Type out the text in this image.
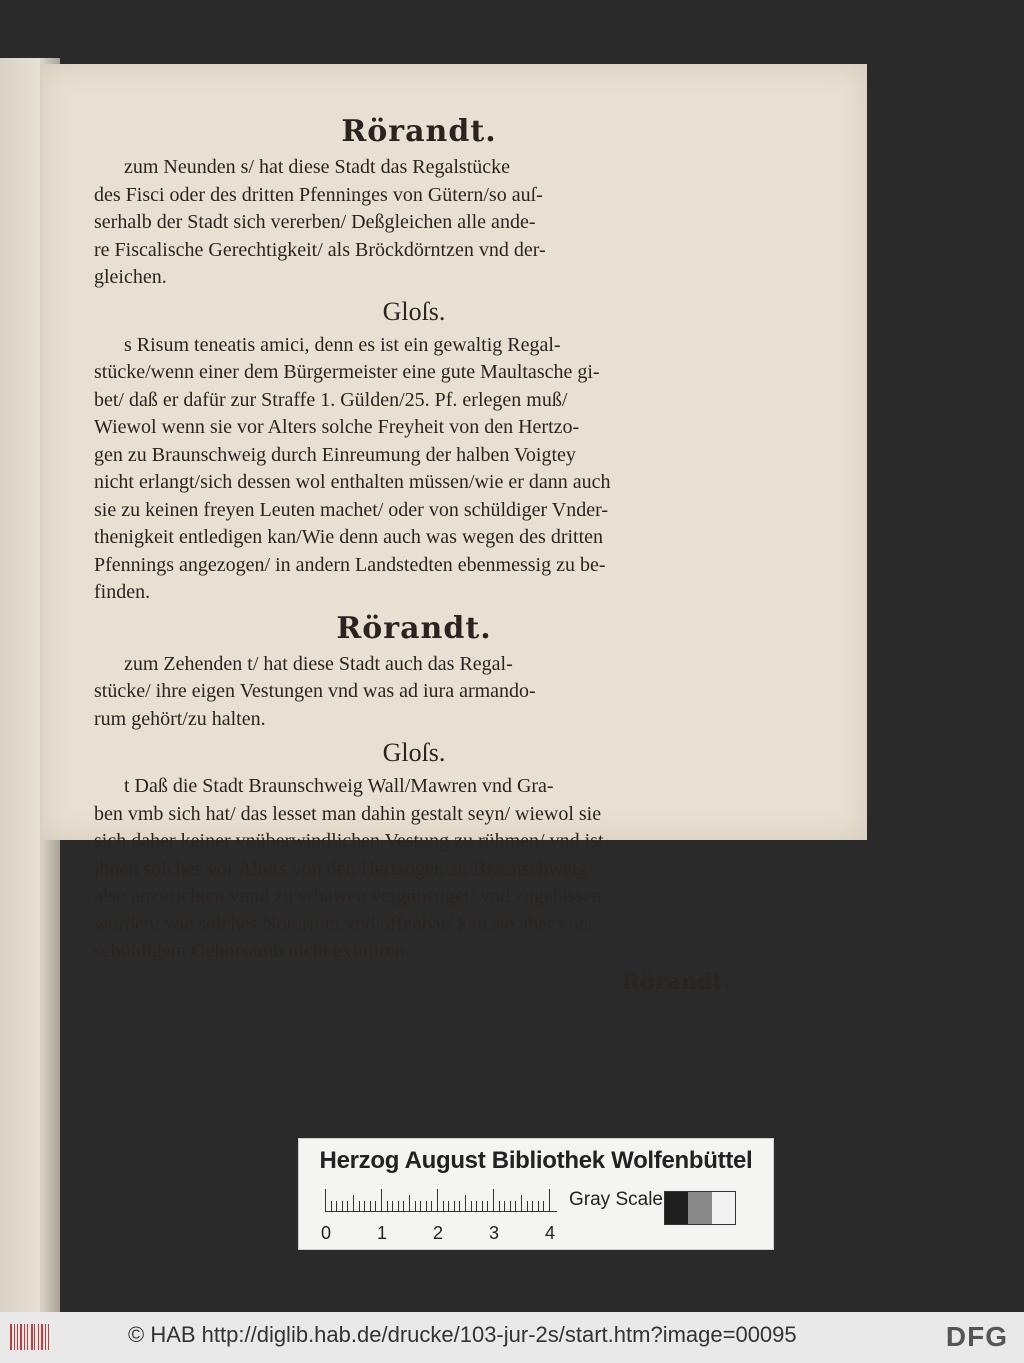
Rörandt.

zum Neunden s/ hat diese Stadt das Regalstücke
des Fisci oder des dritten Pfenninges von Gütern/so auſ-
serhalb der Stadt sich vererben/ Deßgleichen alle ande-
re Fiscalische Gerechtigkeit/ als Bröckdörntzen vnd der-
gleichen.

Gloſs.

s Risum teneatis amici, denn es ist ein gewaltig Regal-
stücke/wenn einer dem Bürgermeister eine gute Maultasche gi-
bet/ daß er dafür zur Straffe 1. Gülden/25. Pf. erlegen muß/
Wiewol wenn sie vor Alters solche Freyheit von den Hertzo-
gen zu Braunschweig durch Einreumung der halben Voigtey
nicht erlangt/sich dessen wol enthalten müssen/wie er dann auch
sie zu keinen freyen Leuten machet/ oder von schüldiger Vnder-
thenigkeit entledigen kan/Wie denn auch was wegen des dritten
Pfennings angezogen/ in andern Landstedten ebenmessig zu be-
finden.

Rörandt.

zum Zehenden t/ hat diese Stadt auch das Regal-
stücke/ ihre eigen Vestungen vnd was ad iura armando-
rum gehört/zu halten.

Gloſs.

t Daß die Stadt Braunschweig Wall/Mawren vnd Gra-
ben vmb sich hat/ das lesset man dahin gestalt seyn/ wiewol sie
sich daher keiner vnüberwindlichen Vestung zu rühmen/ vnd ist
jhnen solches vor Alters von den Hertzogen zu Braunschweig
also anzurichten vnnd zu erbawen vergünstiget/ vnd zugelassen
worden/ wie solches Notorium vnd offenbar/ kan sie aber von
schüldigem Gehorsamb nicht eximiren.

Rörandt.

Herzog August Bibliothek Wolfenbüttel
0	1	2	3	4
Gray Scale
© HAB http://diglib.hab.de/drucke/103-jur-2s/start.htm?image=00095	DFG
